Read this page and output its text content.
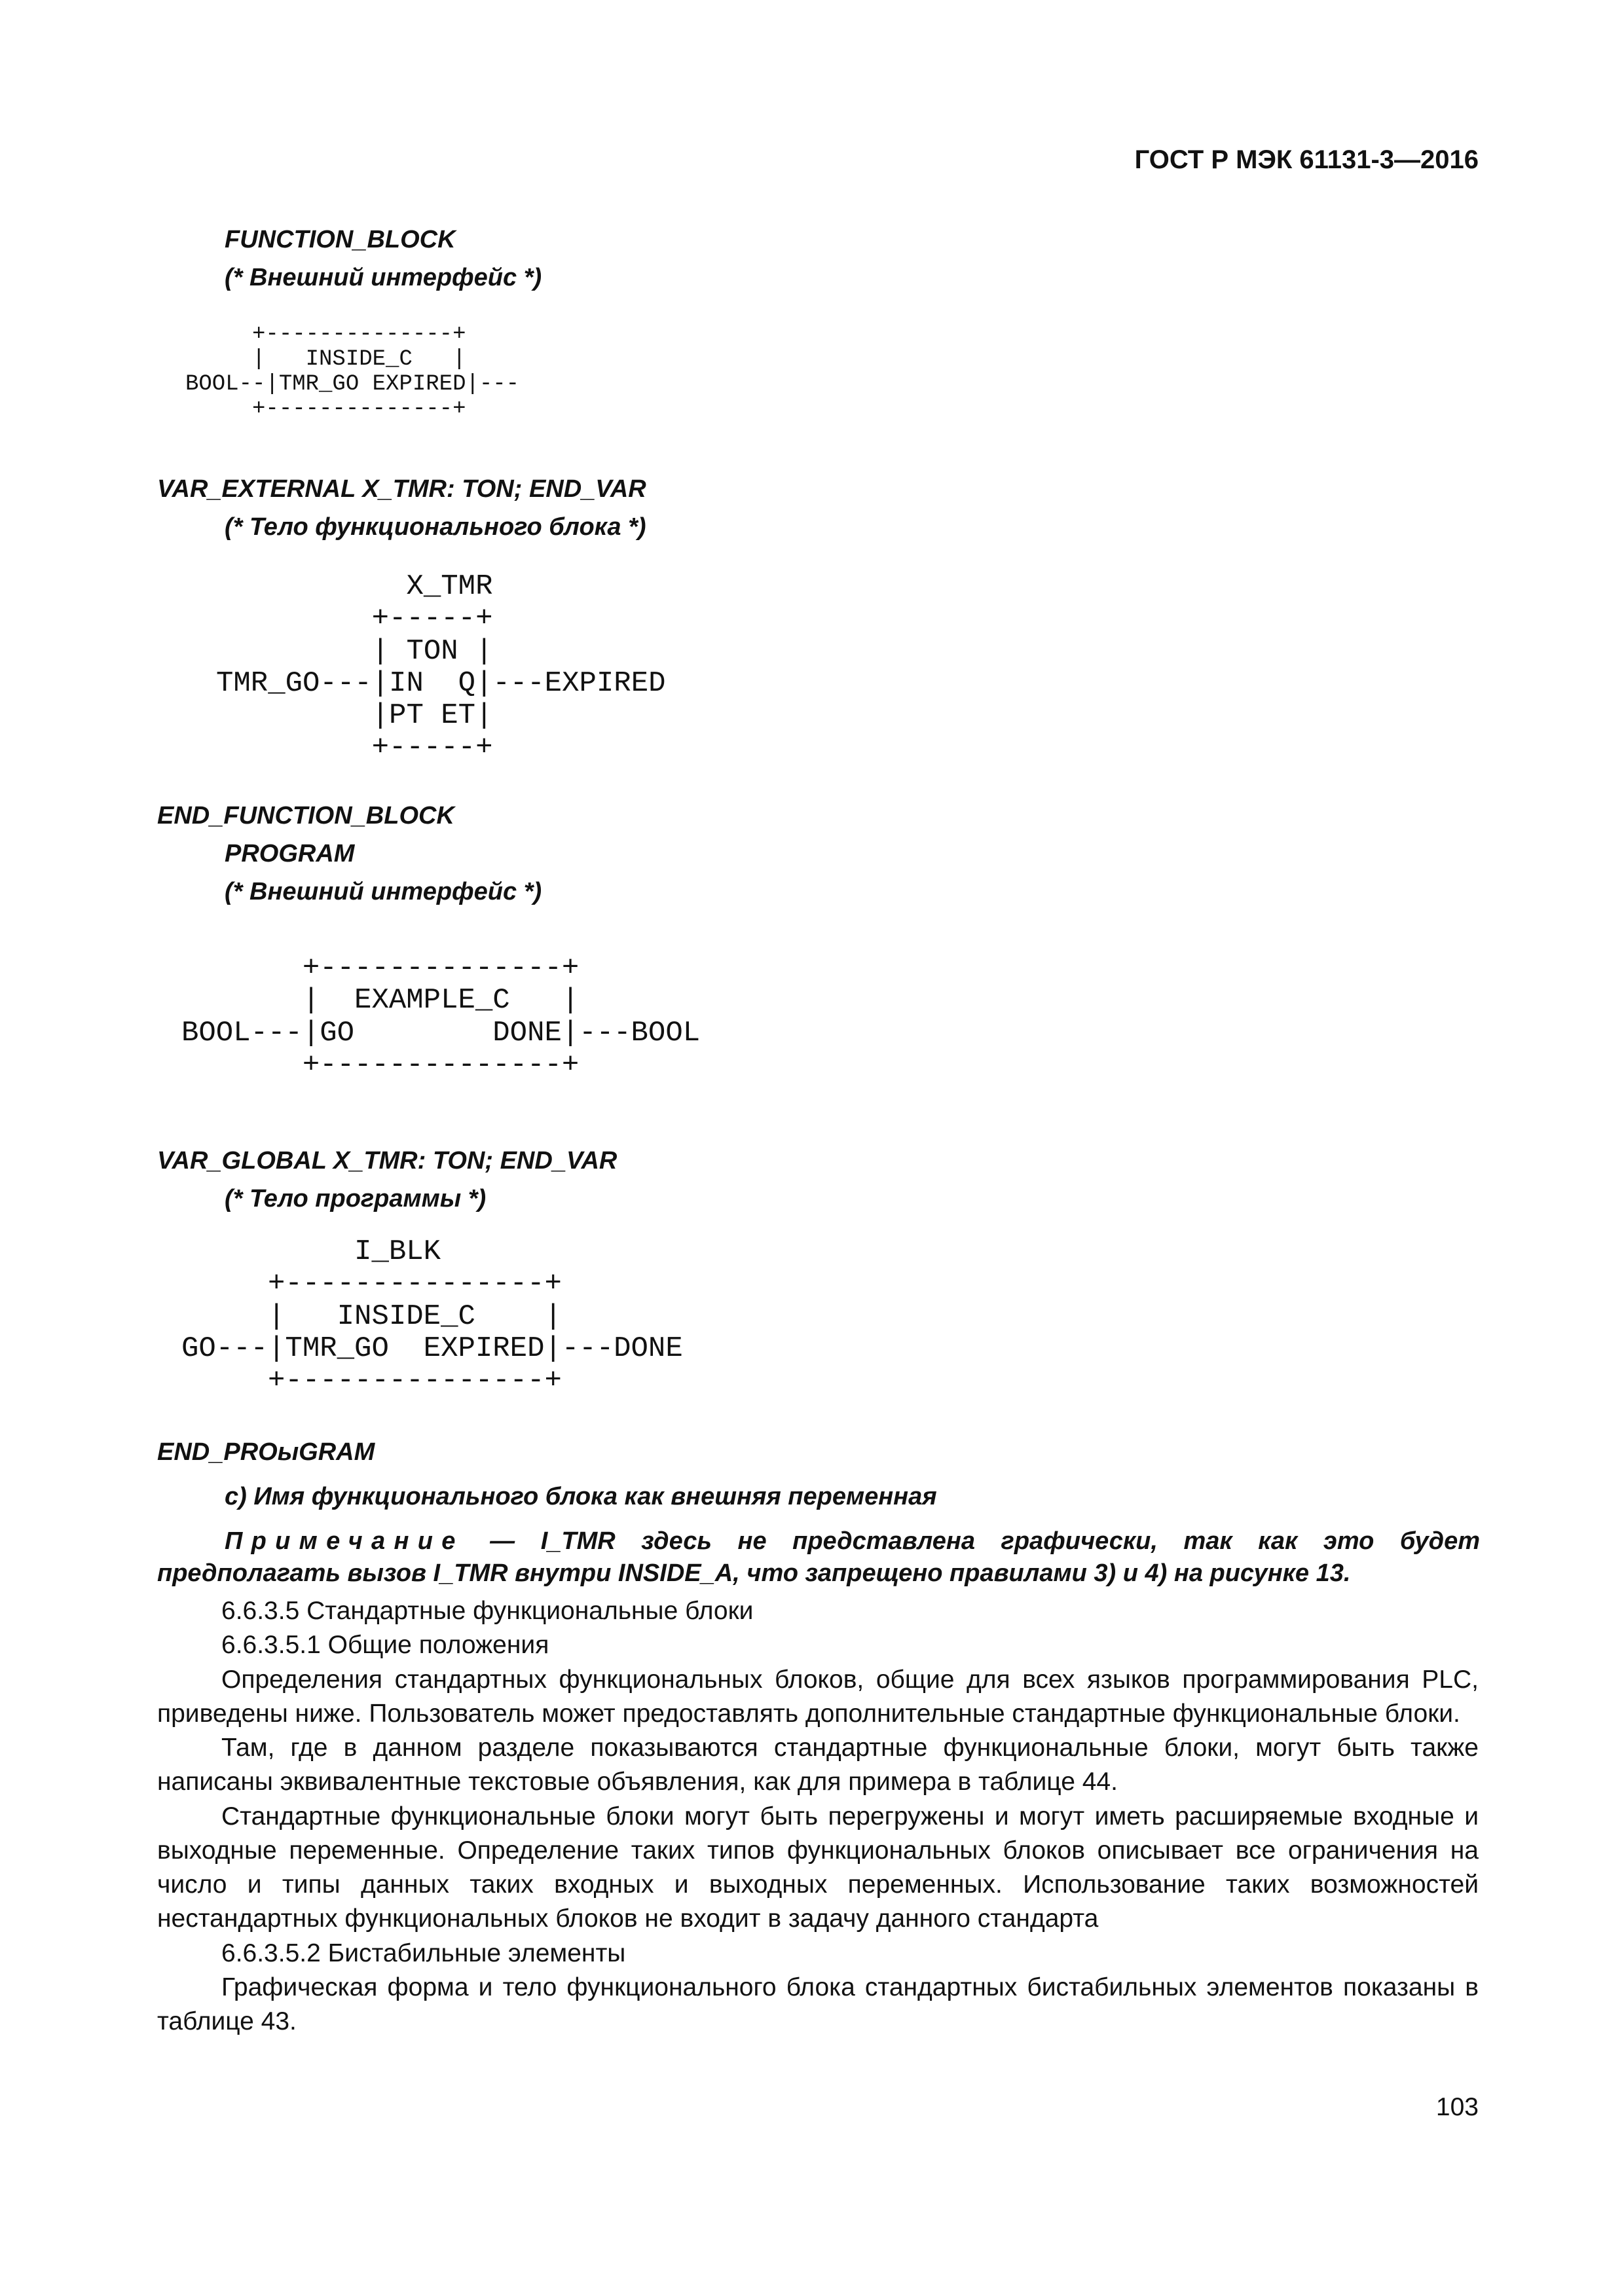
ГОСТ Р МЭК 61131-3—2016
FUNCTION_BLOCK
(* Внешний интерфейс *)
+--------------+
|   INSIDE_C   |
BOOL--|TMR_GO EXPIRED|---
+--------------+
VAR_EXTERNAL X_TMR: TON; END_VAR
(* Тело функционального блока *)
X_TMR
+-----+
| TON |
TMR_GO---|IN  Q|---EXPIRED
|PT ET|
+-----+
END_FUNCTION_BLOCK
PROGRAM
(* Внешний интерфейс *)
+--------------+
|  EXAMPLE_C   |
BOOL---|GO        DONE|---BOOL
+--------------+
VAR_GLOBAL X_TMR: TON; END_VAR
(* Тело программы *)
I_BLK
+---------------+
|   INSIDE_C    |
GO---|TMR_GO  EXPIRED|---DONE
+---------------+
END_PROыGRAM
с) Имя функционального блока как внешняя переменная
Примечание — I_TMR здесь не представлена графически, так как это будет предполагать вызов I_TMR внутри INSIDE_A, что запрещено правилами 3) и 4) на рисунке 13.

6.6.3.5 Стандартные функциональные блоки

6.6.3.5.1 Общие положения

Определения стандартных функциональных блоков, общие для всех языков программирования PLC, приведены ниже. Пользователь может предоставлять дополнительные стандартные функциональные блоки.

Там, где в данном разделе показываются стандартные функциональные блоки, могут быть также написаны эквивалентные текстовые объявления, как для примера в таблице 44.

Стандартные функциональные блоки могут быть перегружены и могут иметь расширяемые входные и выходные переменные. Определение таких типов функциональных блоков описывает все ограничения на число и типы данных таких входных и выходных переменных. Использование таких возможностей нестандартных функциональных блоков не входит в задачу данного стандарта

6.6.3.5.2 Бистабильные элементы

Графическая форма и тело функционального блока стандартных бистабильных элементов показаны в таблице 43.

103
